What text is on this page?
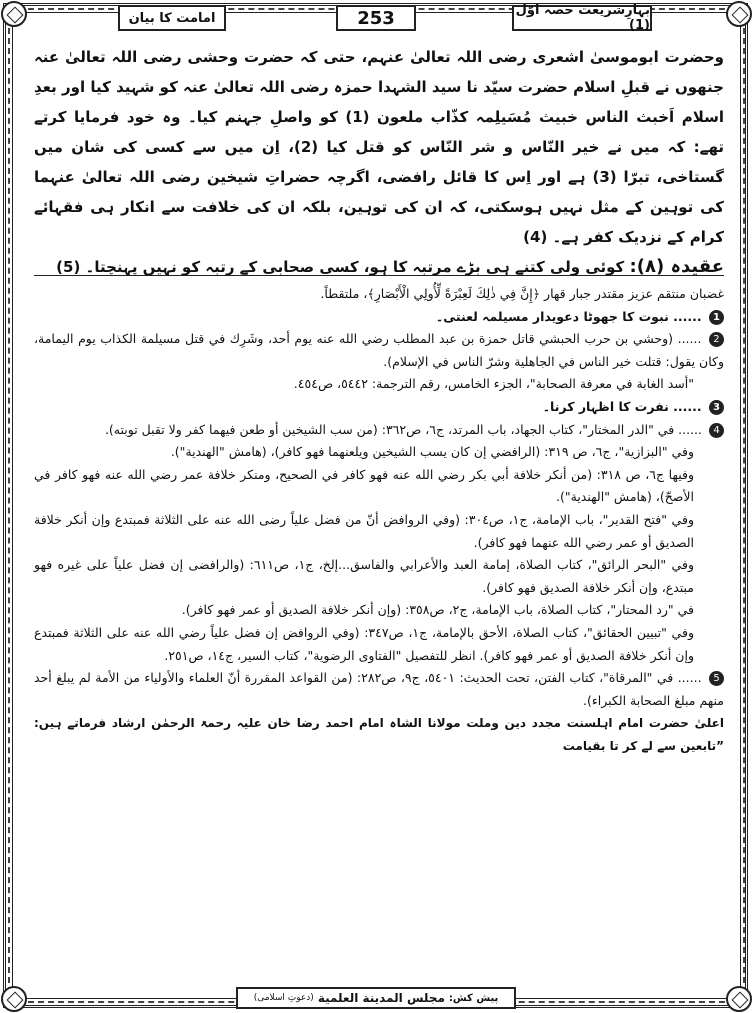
امامت کا بیان	253	بہارِشریعت حصہ اوّل (1)

وحضرت ابوموسیٰ اشعری رضی اللہ تعالیٰ عنہم، حتی کہ حضرت وحشی رضی اللہ تعالیٰ عنہ جنھوں نے قبلِ اسلام حضرت سیّد نا سید الشہدا حمزہ رضی اللہ تعالیٰ عنہ کو شہید کیا اور بعدِ اسلام اَخبث الناس خبیث مُسَیلِمہ کذّاب ملعون (1) کو واصلِ جہنم کیا۔ وہ خود فرمایا کرتے تھے: کہ میں نے خیر النّاس و شر النّاس کو قتل کیا (2)، اِن میں سے کسی کی شان میں گستاخی، تبرّا (3) ہے اور اِس کا قائل رافضی، اگرچہ حضراتِ شیخین رضی اللہ تعالیٰ عنہما کی توہین کے مثل نہیں ہوسکتی، کہ ان کی توہین، بلکہ ان کی خلافت سے انکار ہی فقہائے کرام کے نزدیک کفر ہے۔ (4)

عقیدہ (۸): کوئی ولی کتنے ہی بڑے مرتبہ کا ہو، کسی صحابی کے رتبہ کو نہیں پہنچتا۔ (5)

غضبان منتقم عزيز مقتدر جبار قهار ﴿إِنَّ فِي ذٰلِكَ لَعِبْرَةً لِّأُولِي الْأَبْصَارِ﴾، ملتقطاً.

1 ...... نبوت کا جھوٹا دعویدار مسیلمہ لعنتی۔

2 ...... (وحشي بن حرب الحبشي قاتل حمزة بن عبد المطلب رضي الله عنه يوم أحد، وشَرِك في قتل مسيلمة الكذاب يوم اليمامة، وكان يقول: قتلت خير الناس في الجاهلية وشرّ الناس في الإسلام).

"أسد الغابة في معرفة الصحابة"، الجزء الخامس، رقم الترجمة: ٥٤٤٢، ص٤٥٤.

3 ...... نفرت کا اظہار کرنا۔

4 ...... في "الدر المختار"، كتاب الجهاد، باب المرتد، ج٦، ص٣٦٢: (من سب الشيخين أو طعن فيهما كفر ولا تقبل توبته).

وفي "البزازية"، ج٦، ص ٣١٩: (الرافضي إن كان يسب الشيخين ويلعنهما فهو كافر)، (هامش "الهندية").

وفيها ج٦، ص ٣١٨: (من أنكر خلافة أبي بكر رضي الله عنه فهو كافر في الصحيح، ومنكر خلافة عمر رضي الله عنه فهو كافر في الأصحّ)، (هامش "الهندية").

وفي "فتح القدير"، باب الإمامة، ج١، ص٣٠٤: (وفي الروافض أنّ من فضل علياً رضى الله عنه على الثلاثة فمبتدع وإن أنكر خلافة الصديق أو عمر رضي الله عنهما فهو كافر).

وفي "البحر الرائق"، كتاب الصلاة، إمامة العبد والأعرابي والفاسق...إلخ، ج١، ص٦١١: (والرافضى إن فضل علياً على غيره فهو مبتدع، وإن أنكر خلافة الصديق فهو كافر).

في "رد المحتار"، كتاب الصلاة، باب الإمامة، ج٢، ص٣٥٨: (وإن أنكر خلافة الصديق أو عمر فهو كافر).

وفي "تبيين الحقائق"، كتاب الصلاة، الأحق بالإمامة، ج١، ص٣٤٧: (وفي الروافض إن فضل علياً رضي الله عنه على الثلاثة فمبتدع وإن أنكر خلافة الصديق أو عمر فهو كافر). انظر للتفصيل "الفتاوى الرضوية"، كتاب السير، ج١٤، ص٢٥١.

5 ...... في "المرقاة"، كتاب الفتن، تحت الحديث: ٥٤٠١، ج٩، ص٢٨٢: (من القواعد المقررة أنّ العلماء والأولياء من الأمة لم يبلغ أحد منهم مبلغ الصحابة الكبراء).

اعلیٰ حضرت امام اہلسنت مجدد دین وملت مولانا الشاہ امام احمد رضا خان علیہ رحمۃ الرحمٰن ارشاد فرماتے ہیں: ”تابعین سے لے کر تا بقیامت

پیش کش:
مجلس المدينة العلمية
(دعوتِ اسلامی)
